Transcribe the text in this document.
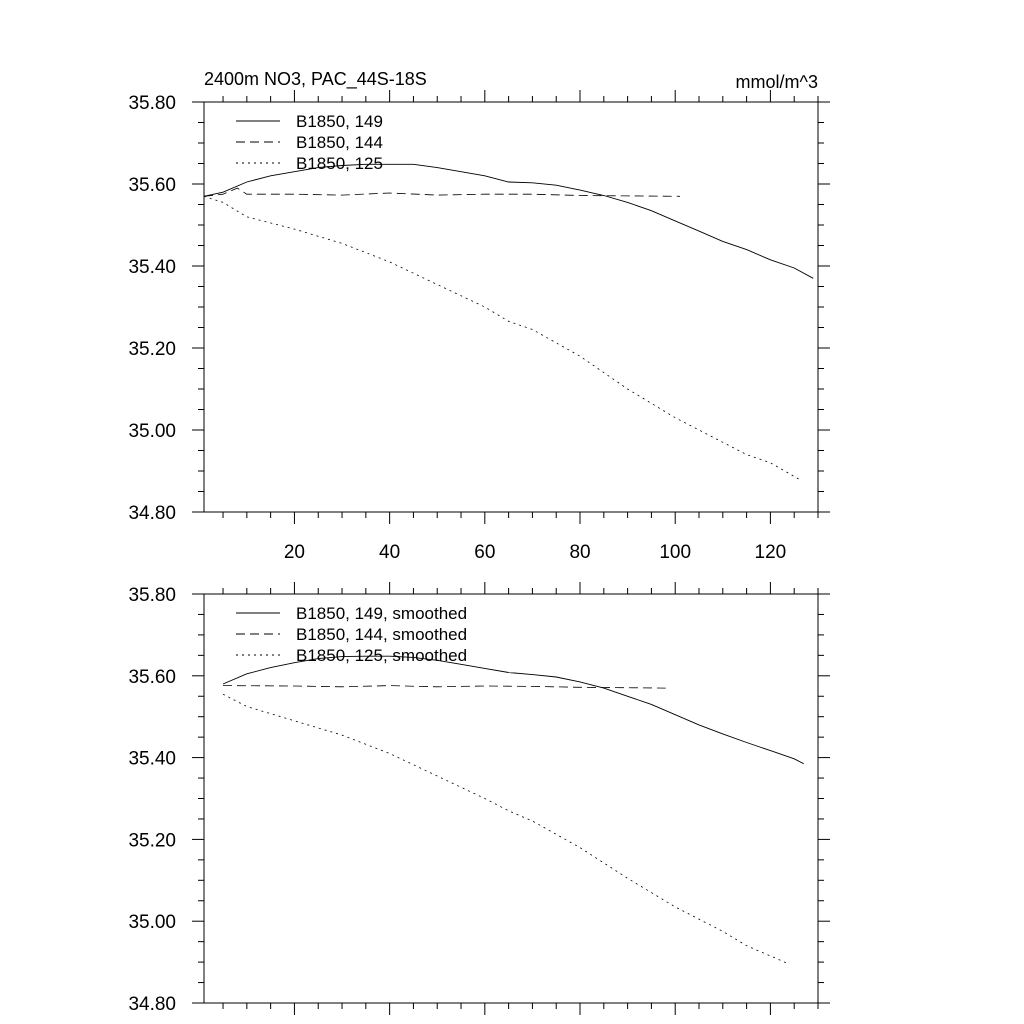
34.80
35.00
35.20
35.40
35.60
35.80
20	40	60	80	100	120
2400m NO3, PAC_44S-18S	mmol/m^3
B1850, 149
B1850, 144
B1850, 125
34.80
35.00
35.20
35.40
35.60
35.80
B1850, 149, smoothed
B1850, 144, smoothed
B1850, 125, smoothed
